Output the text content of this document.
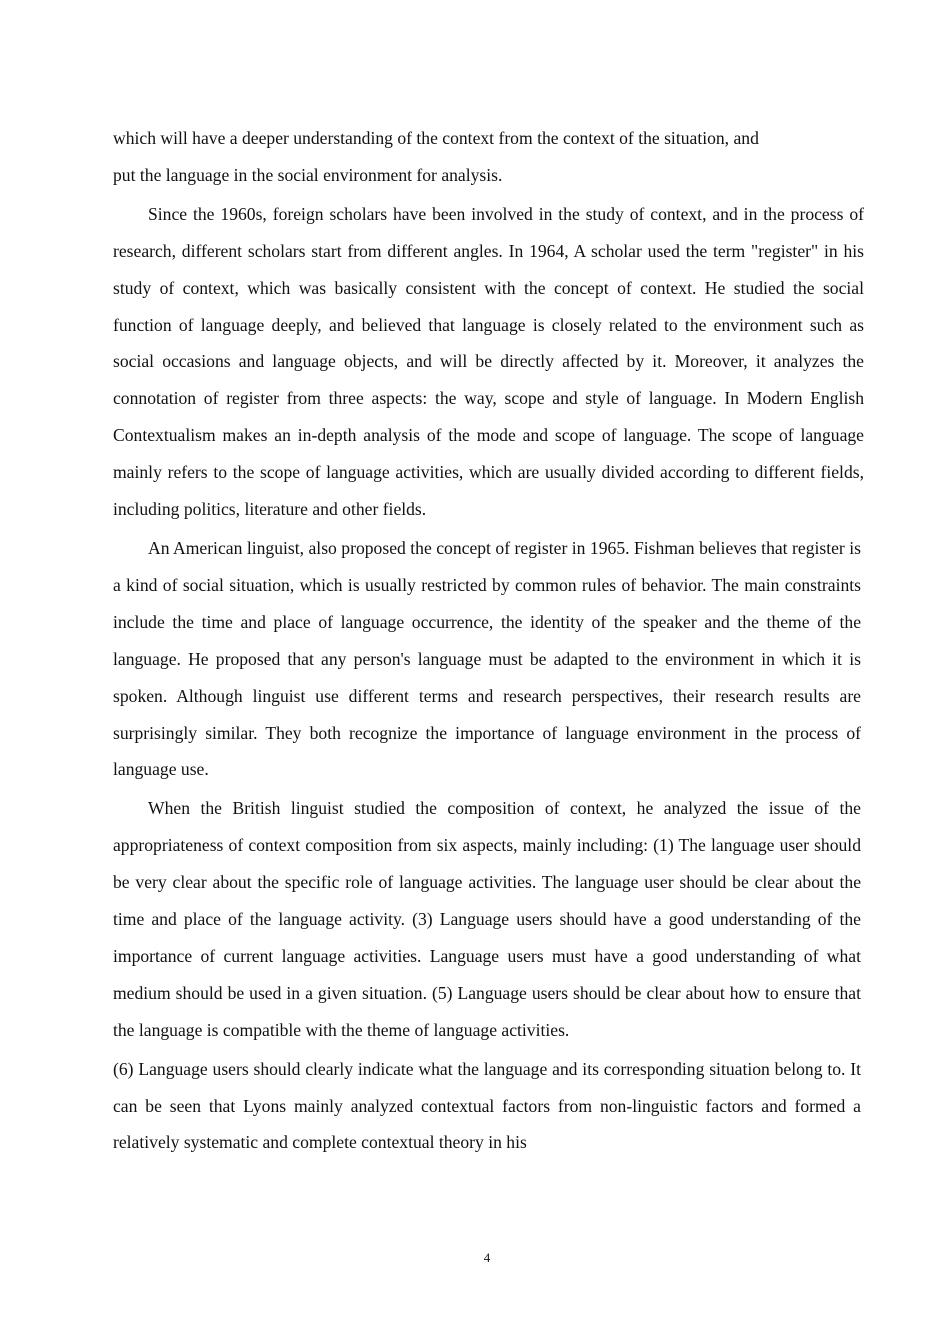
which will have a deeper understanding of the context from the context of the situation, and
put the language in the social environment for analysis.

Since the 1960s, foreign scholars have been involved in the study of context, and in the process of research, different scholars start from different angles. In 1964, A scholar used the term "register" in his study of context, which was basically consistent with the concept of context. He studied the social function of language deeply, and believed that language is closely related to the environment such as social occasions and language objects, and will be directly affected by it. Moreover, it analyzes the connotation of register from three aspects: the way, scope and style of language. In Modern English Contextualism makes an in-depth analysis of the mode and scope of language. The scope of language mainly refers to the scope of language activities, which are usually divided according to different fields, including politics, literature and other fields.

An American linguist, also proposed the concept of register in 1965. Fishman believes that register is a kind of social situation, which is usually restricted by common rules of behavior. The main constraints include the time and place of language occurrence, the identity of the speaker and the theme of the language. He proposed that any person's language must be adapted to the environment in which it is spoken. Although linguist use different terms and research perspectives, their research results are surprisingly similar. They both recognize the importance of language environment in the process of language use.

When the British linguist studied the composition of context, he analyzed the issue of the appropriateness of context composition from six aspects, mainly including: (1) The language user should be very clear about the specific role of language activities. The language user should be clear about the time and place of the language activity. (3) Language users should have a good understanding of the importance of current language activities. Language users must have a good understanding of what medium should be used in a given situation. (5) Language users should be clear about how to ensure that the language is compatible with the theme of language activities.

(6) Language users should clearly indicate what the language and its corresponding situation belong to. It can be seen that Lyons mainly analyzed contextual factors from non-linguistic factors and formed a relatively systematic and complete contextual theory in his

4
